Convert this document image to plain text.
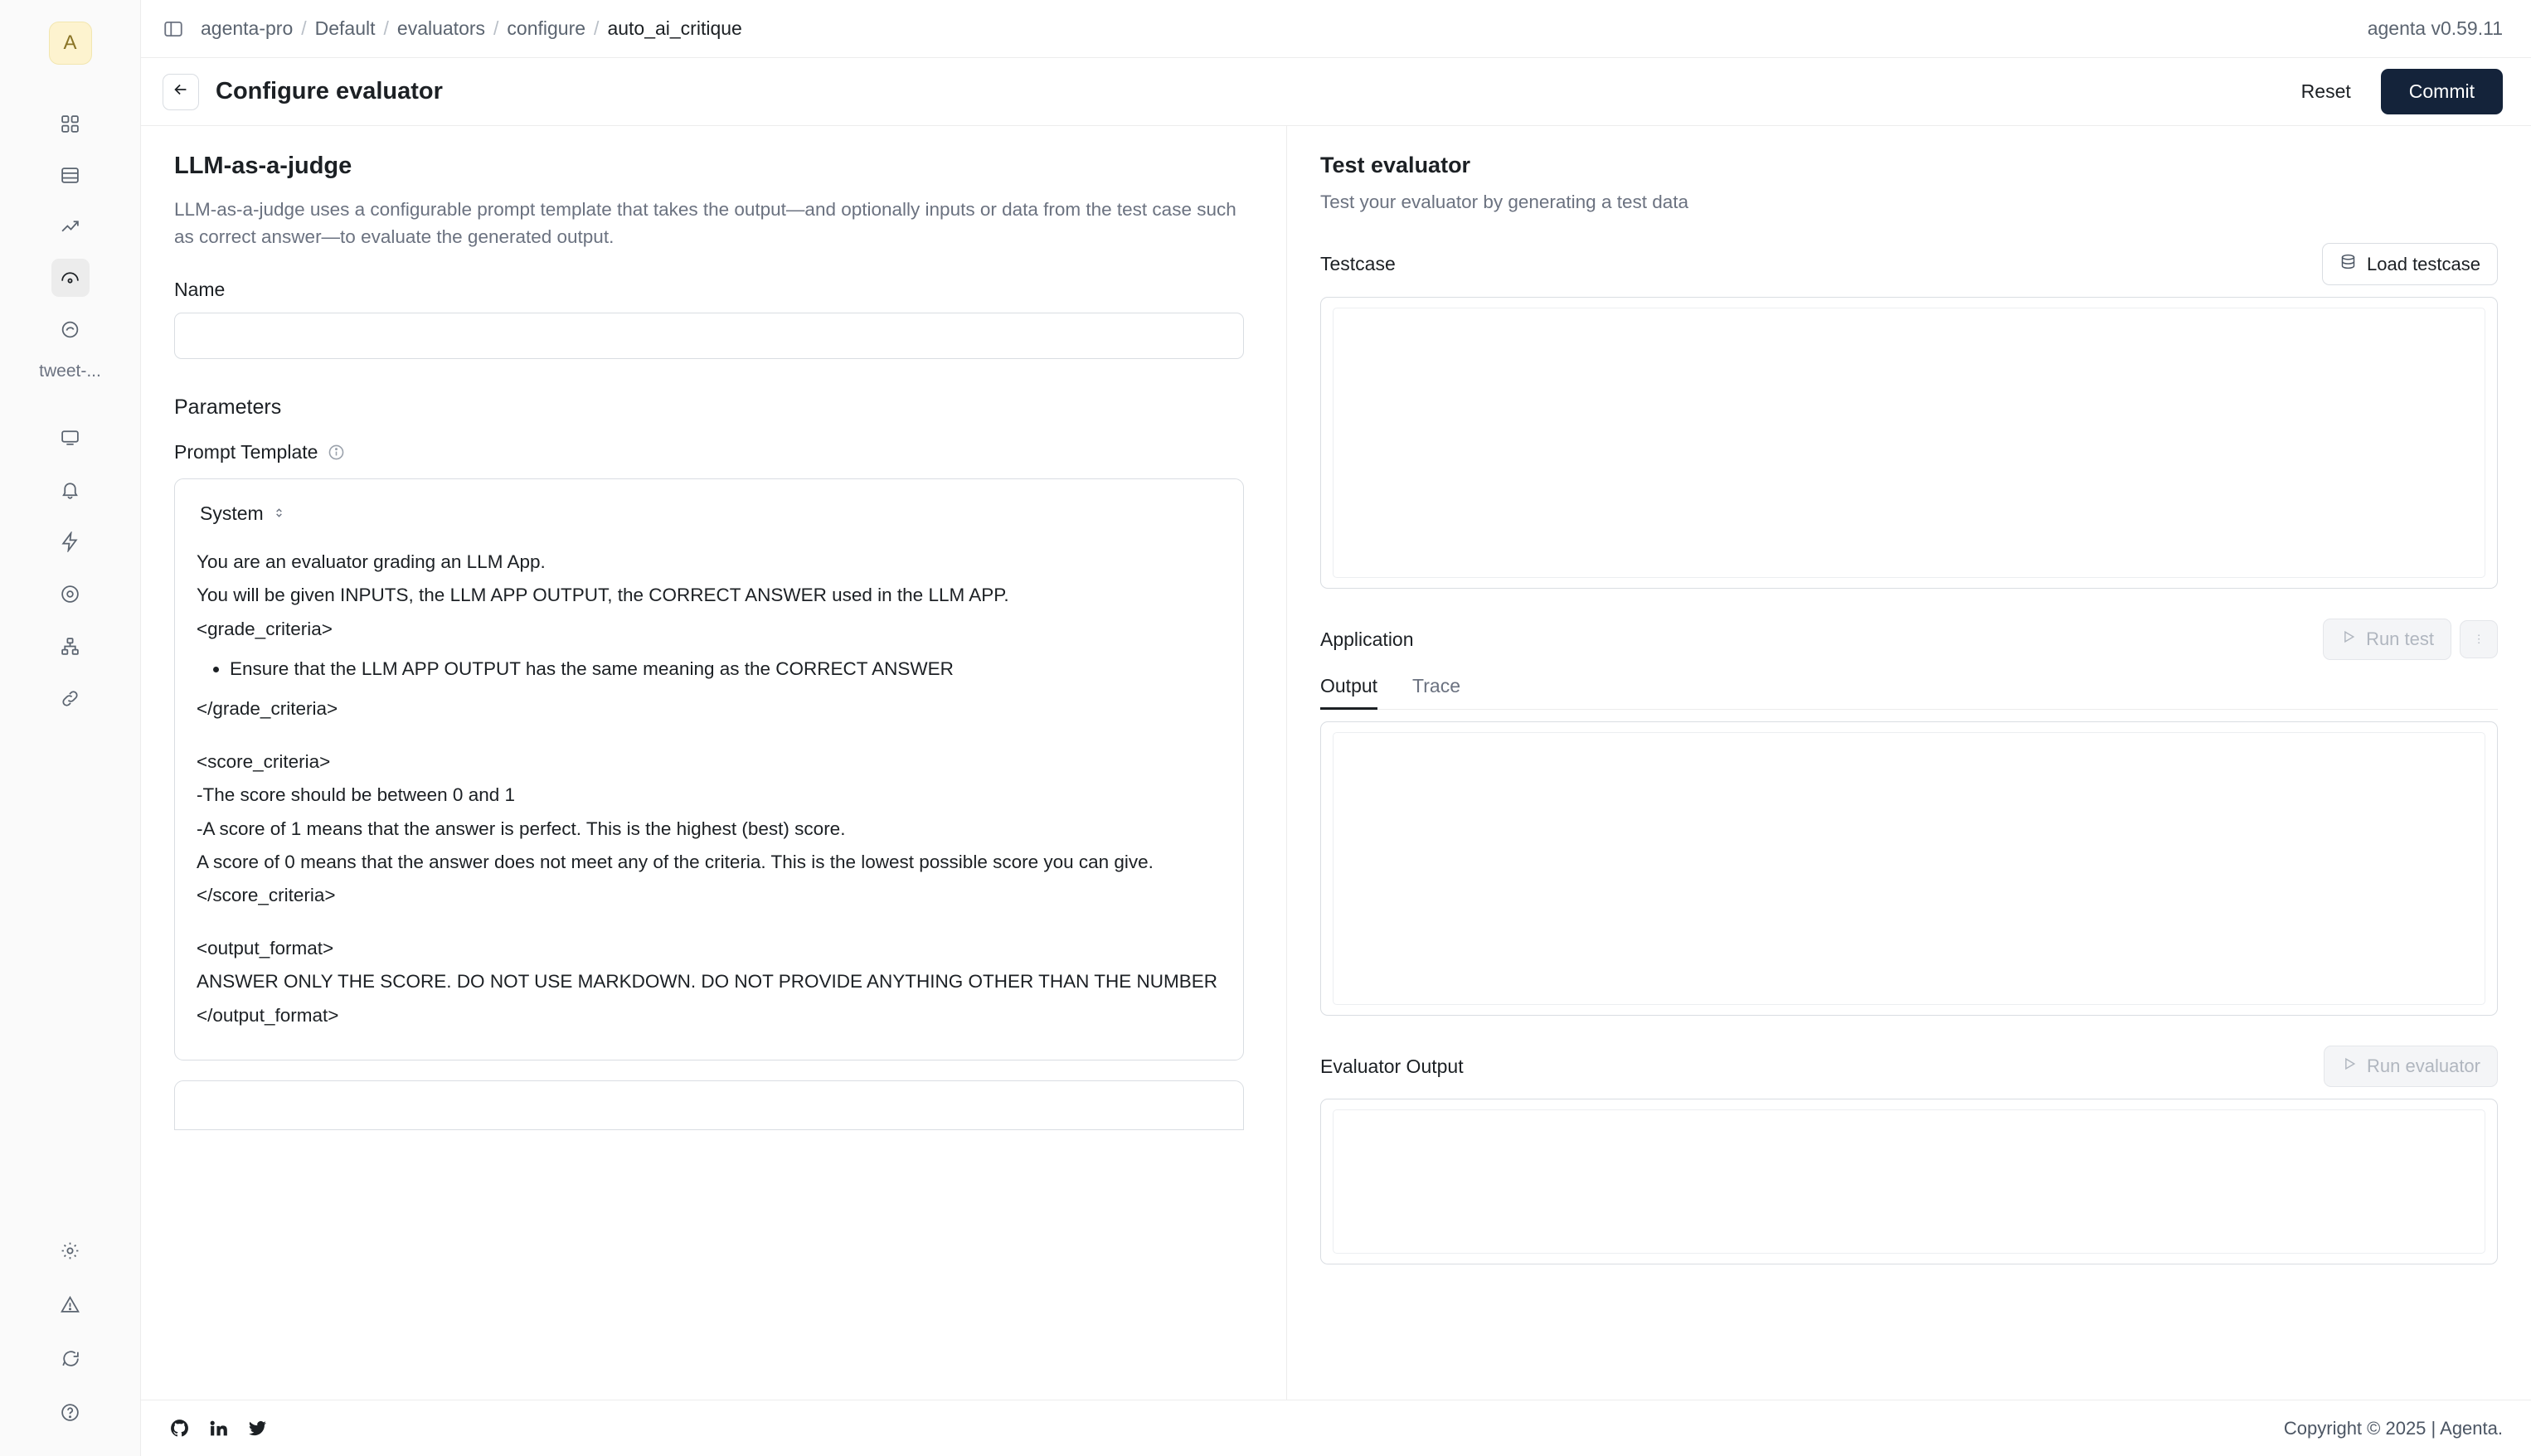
A
tweet-...
agenta-pro / Default / evaluators / configure / auto_ai_critique	agenta v0.59.11
Configure evaluator	Reset	Commit
LLM-as-a-judge
LLM-as-a-judge uses a configurable prompt template that takes the output—and optionally inputs or data from the test case such as correct answer—to evaluate the generated output.
Name
Parameters
Prompt Template
System

You are an evaluator grading an LLM App.

You will be given INPUTS, the LLM APP OUTPUT, the CORRECT ANSWER used in the LLM APP.

<grade_criteria>

• Ensure that the LLM APP OUTPUT has the same meaning as the CORRECT ANSWER

</grade_criteria>

<score_criteria>

-The score should be between 0 and 1

-A score of 1 means that the answer is perfect. This is the highest (best) score.

A score of 0 means that the answer does not meet any of the criteria. This is the lowest possible score you can give.

</score_criteria>

<output_format>

ANSWER ONLY THE SCORE. DO NOT USE MARKDOWN. DO NOT PROVIDE ANYTHING OTHER THAN THE NUMBER

</output_format>

Test evaluator
Test your evaluator by generating a test data
Testcase	Load testcase
Application	Run test	⋮
Output Trace
Evaluator Output	Run evaluator
Copyright © 2025 | Agenta.
